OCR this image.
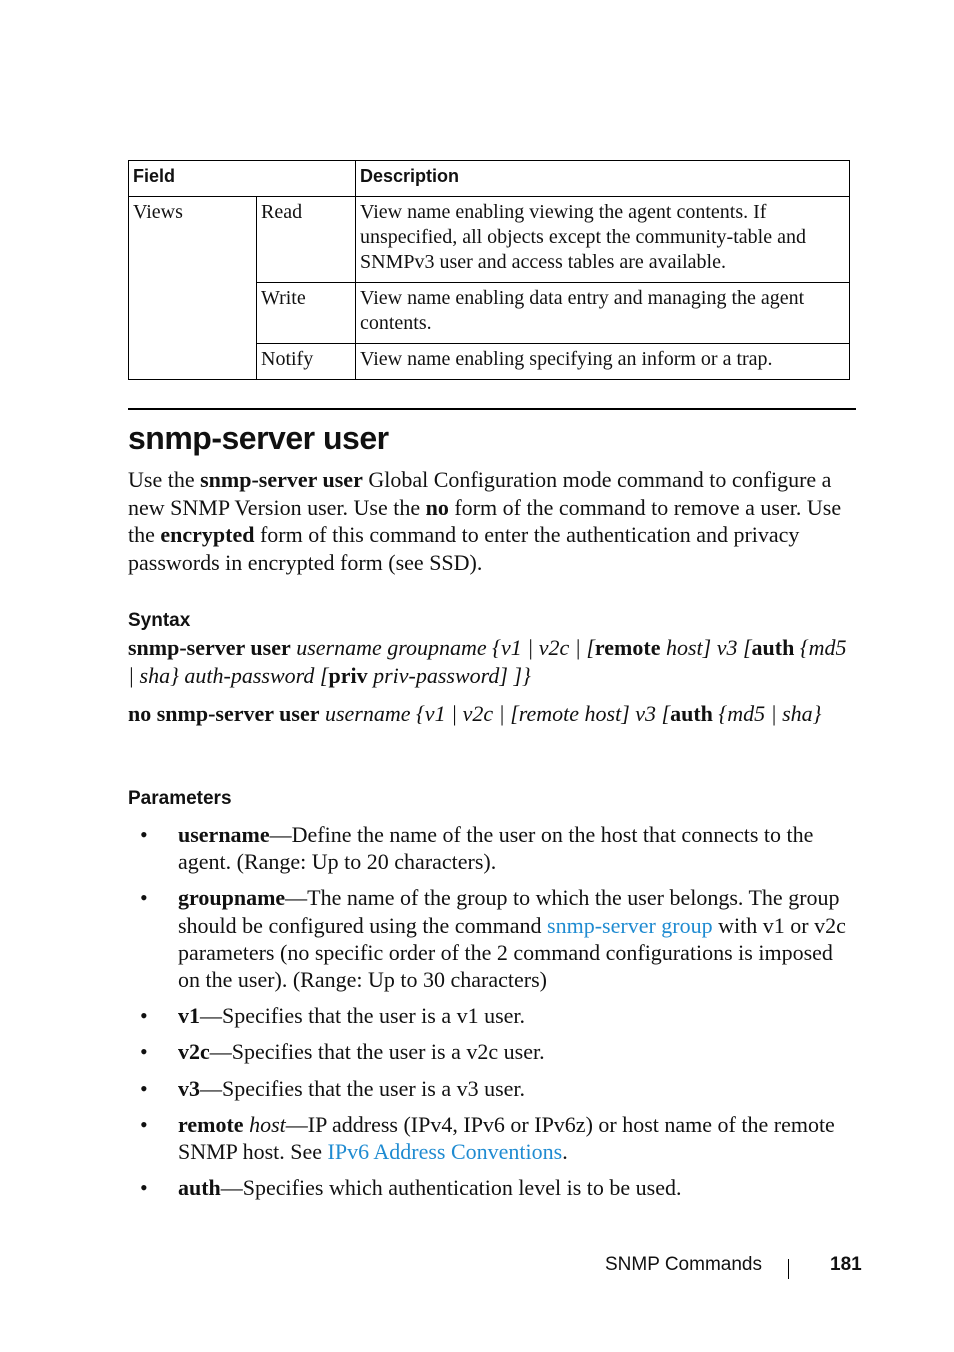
Field		Description
Views	Read	View name enabling viewing the agent contents. If unspecified, all objects except the community-table and SNMPv3 user and access tables are available.
	Write	View name enabling data entry and managing the agent contents.
	Notify	View name enabling specifying an inform or a trap.
snmp-server user

Use the snmp-server user Global Configuration mode command to configure a new SNMP Version user. Use the no form of the command to remove a user. Use the encrypted form of this command to enter the authentication and privacy passwords in encrypted form (see SSD).

Syntax

snmp-server user username groupname {v1 | v2c | [remote host] v3 [auth {md5 | sha} auth-password [priv priv-password] ]}

no snmp-server user username {v1 | v2c | [remote host] v3 [auth {md5 | sha}

Parameters
• username—Define the name of the user on the host that connects to the agent. (Range: Up to 20 characters).
• groupname—The name of the group to which the user belongs. The group should be configured using the command snmp-server group with v1 or v2c parameters (no specific order of the 2 command configurations is imposed on the user). (Range: Up to 30 characters)
• v1—Specifies that the user is a v1 user.
• v2c—Specifies that the user is a v2c user.
• v3—Specifies that the user is a v3 user.
• remote host—IP address (IPv4, IPv6 or IPv6z) or host name of the remote SNMP host. See IPv6 Address Conventions.
• auth—Specifies which authentication level is to be used.
SNMP Commands	181
